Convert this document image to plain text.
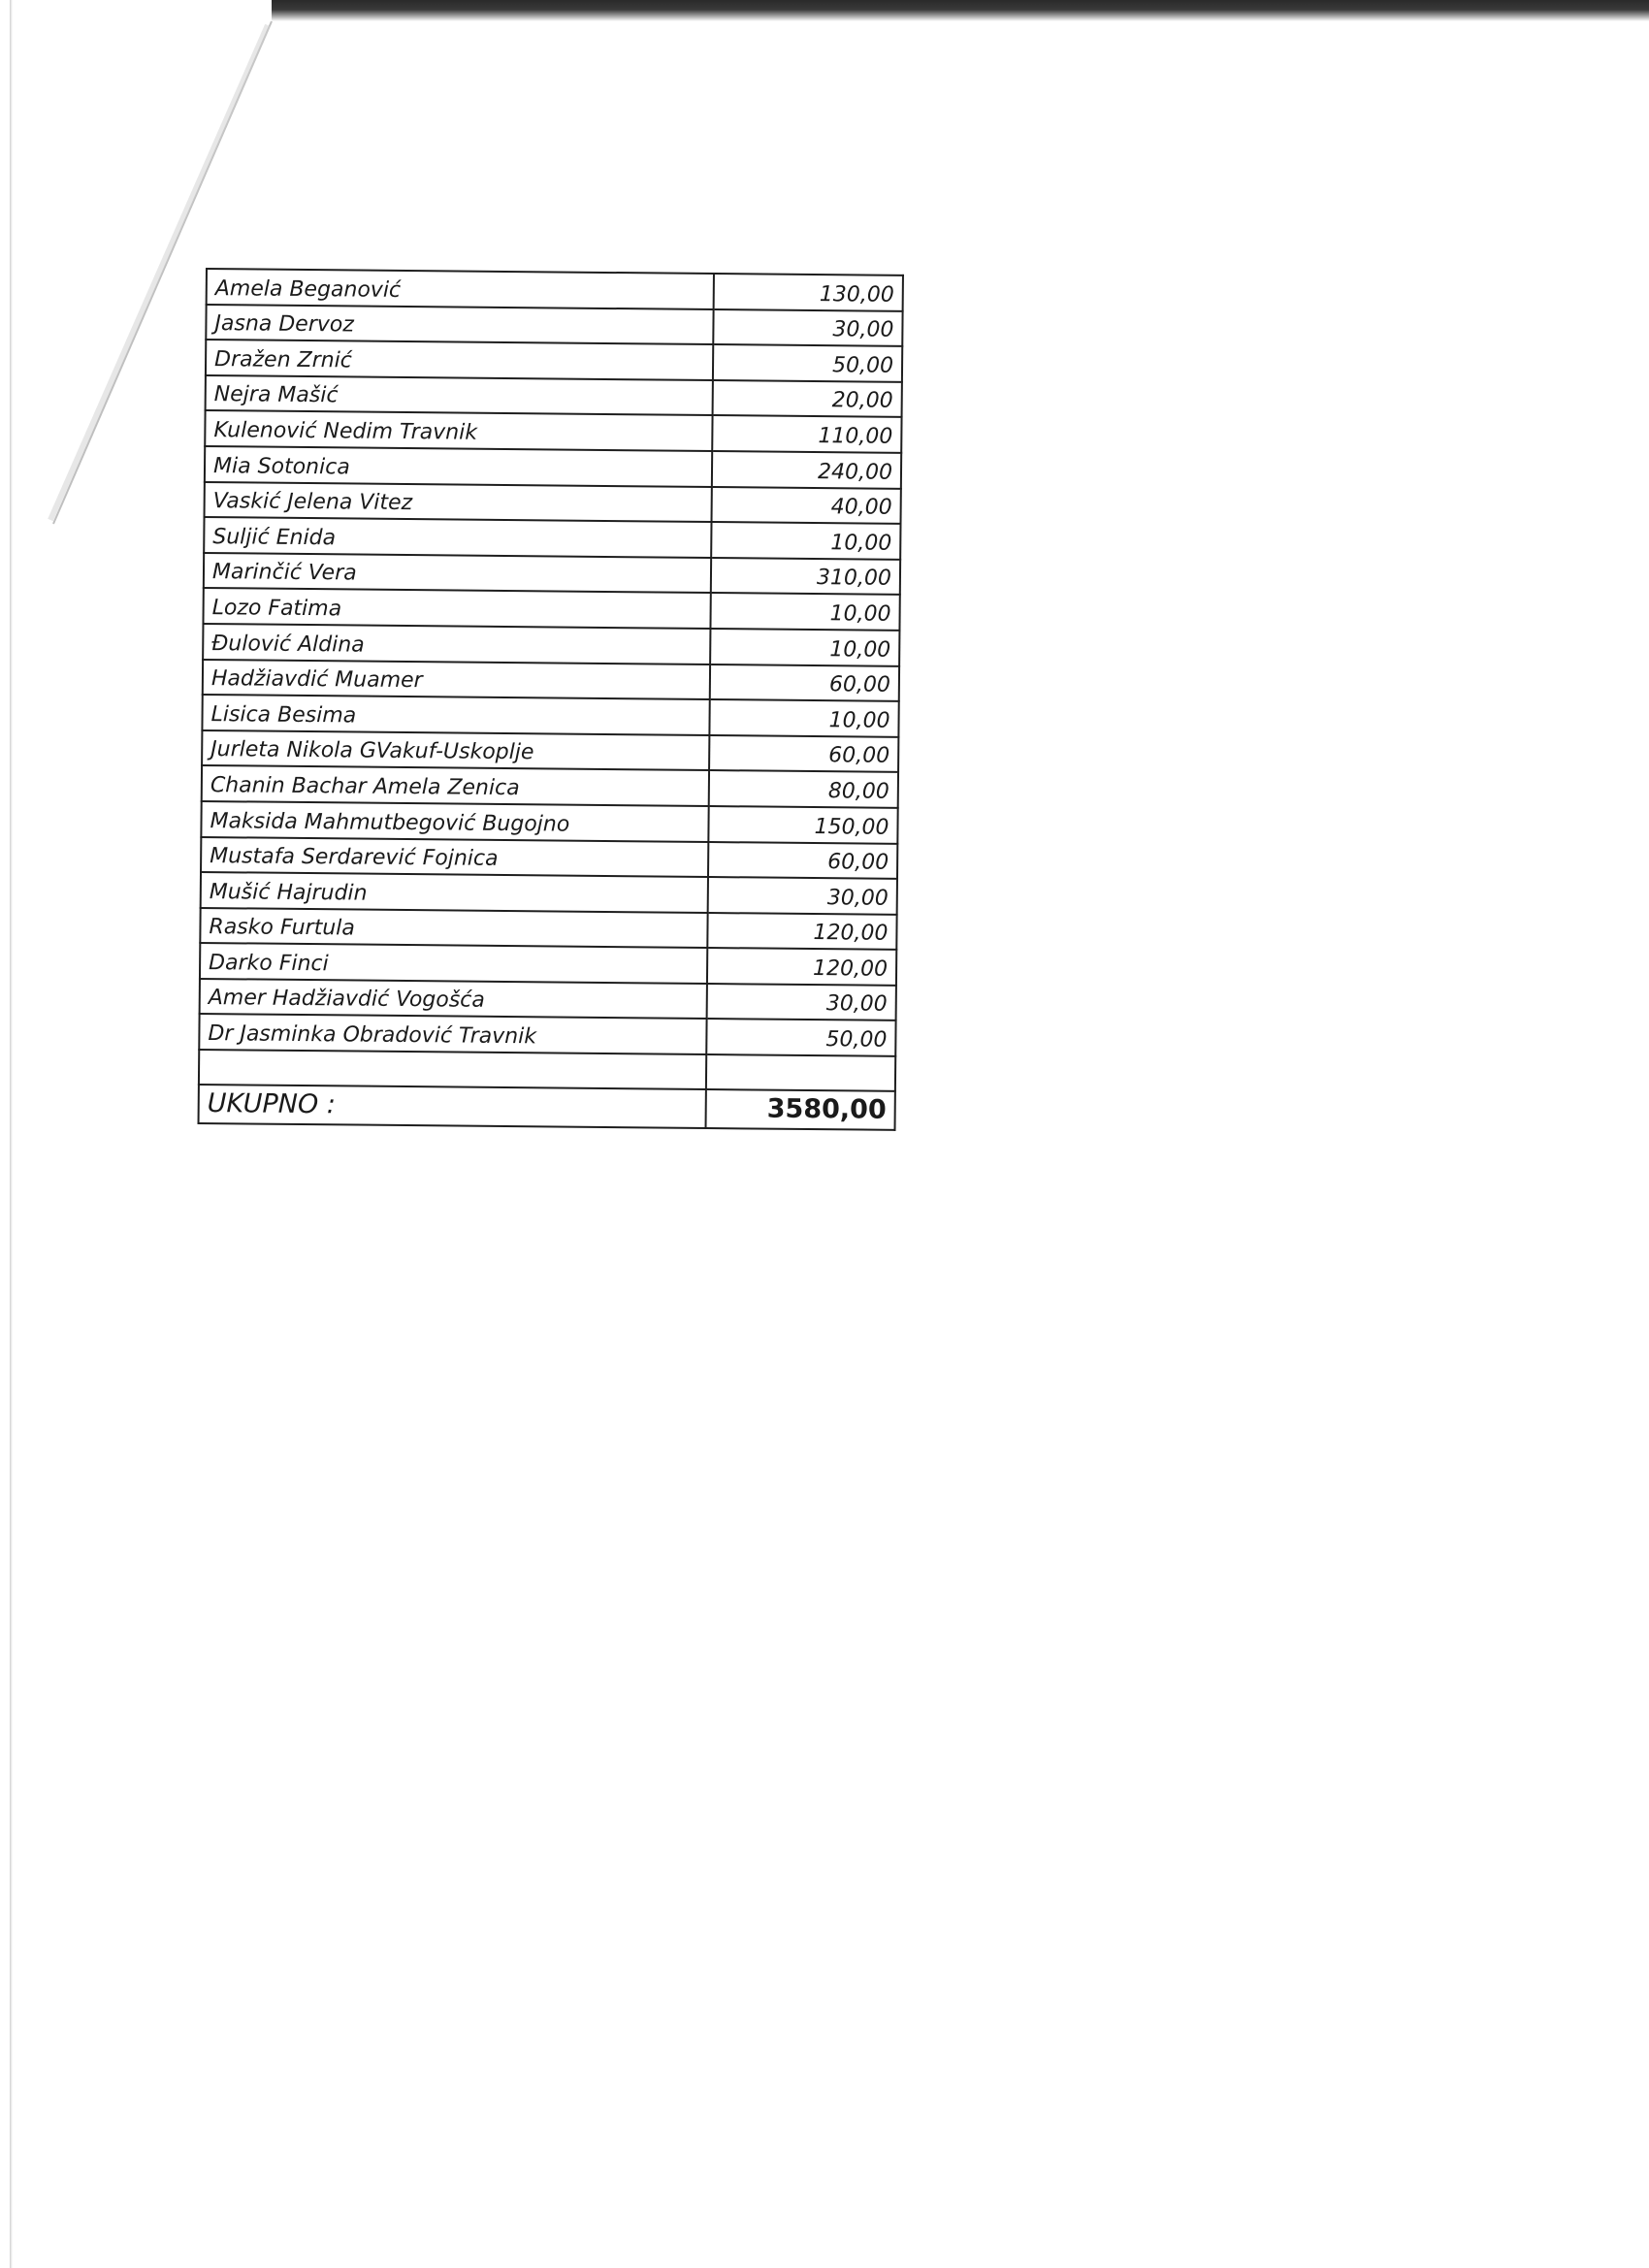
Amela Beganović	130,00
Jasna Dervoz	30,00
Dražen Zrnić	50,00
Nejra Mašić	20,00
Kulenović Nedim Travnik	110,00
Mia Sotonica	240,00
Vaskić Jelena Vitez	40,00
Suljić Enida	10,00
Marinčić Vera	310,00
Lozo Fatima	10,00
Đulović Aldina	10,00
Hadžiavdić Muamer	60,00
Lisica Besima	10,00
Jurleta Nikola GVakuf-Uskoplje	60,00
Chanin Bachar Amela Zenica	80,00
Maksida Mahmutbegović Bugojno	150,00
Mustafa Serdarević Fojnica	60,00
Mušić Hajrudin	30,00
Rasko Furtula	120,00
Darko Finci	120,00
Amer Hadžiavdić Vogošća	30,00
Dr Jasminka Obradović Travnik	50,00

UKUPNO :	3580,00
